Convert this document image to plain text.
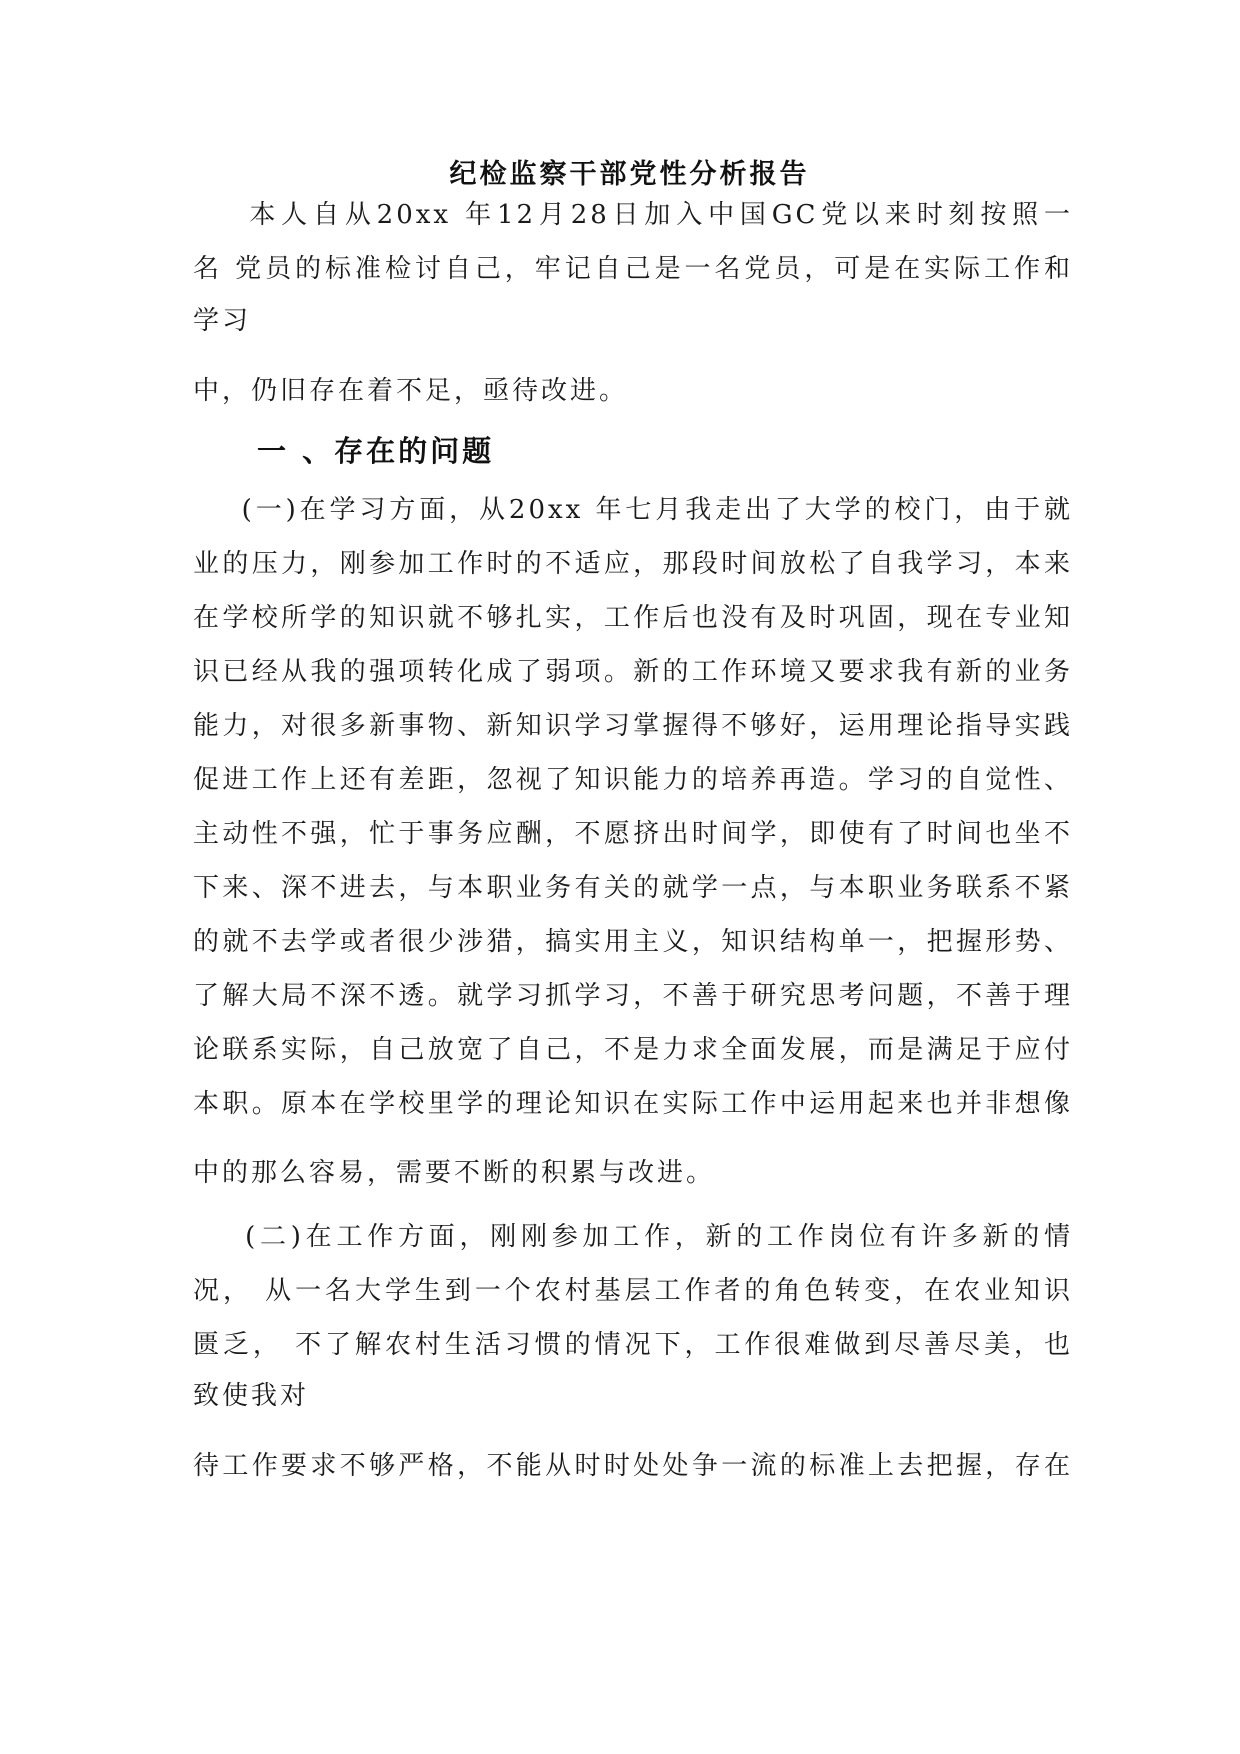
纪检监察干部党性分析报告

本人自从20xx 年12月28日加入中国GC党以来时刻按照一

名 党员的标准检讨自己，牢记自己是一名党员，可是在实际工作和

学习

中，仍旧存在着不足，亟待改进。

一 、存在的问题

(一)在学习方面，从20xx 年七月我走出了大学的校门，由于就

业的压力，刚参加工作时的不适应，那段时间放松了自我学习，本来

在学校所学的知识就不够扎实，工作后也没有及时巩固，现在专业知

识已经从我的强项转化成了弱项。新的工作环境又要求我有新的业务

能力，对很多新事物、新知识学习掌握得不够好，运用理论指导实践

促进工作上还有差距，忽视了知识能力的培养再造。学习的自觉性、

主动性不强，忙于事务应酬，不愿挤出时间学，即使有了时间也坐不

下来、深不进去，与本职业务有关的就学一点，与本职业务联系不紧

的就不去学或者很少涉猎，搞实用主义，知识结构单一，把握形势、

了解大局不深不透。就学习抓学习，不善于研究思考问题，不善于理

论联系实际，自己放宽了自己，不是力求全面发展，而是满足于应付

本职。原本在学校里学的理论知识在实际工作中运用起来也并非想像

中的那么容易，需要不断的积累与改进。

(二)在工作方面，刚刚参加工作，新的工作岗位有许多新的情

况， 从一名大学生到一个农村基层工作者的角色转变，在农业知识

匮乏， 不了解农村生活习惯的情况下，工作很难做到尽善尽美，也

致使我对

待工作要求不够严格，不能从时时处处争一流的标准上去把握，存在
